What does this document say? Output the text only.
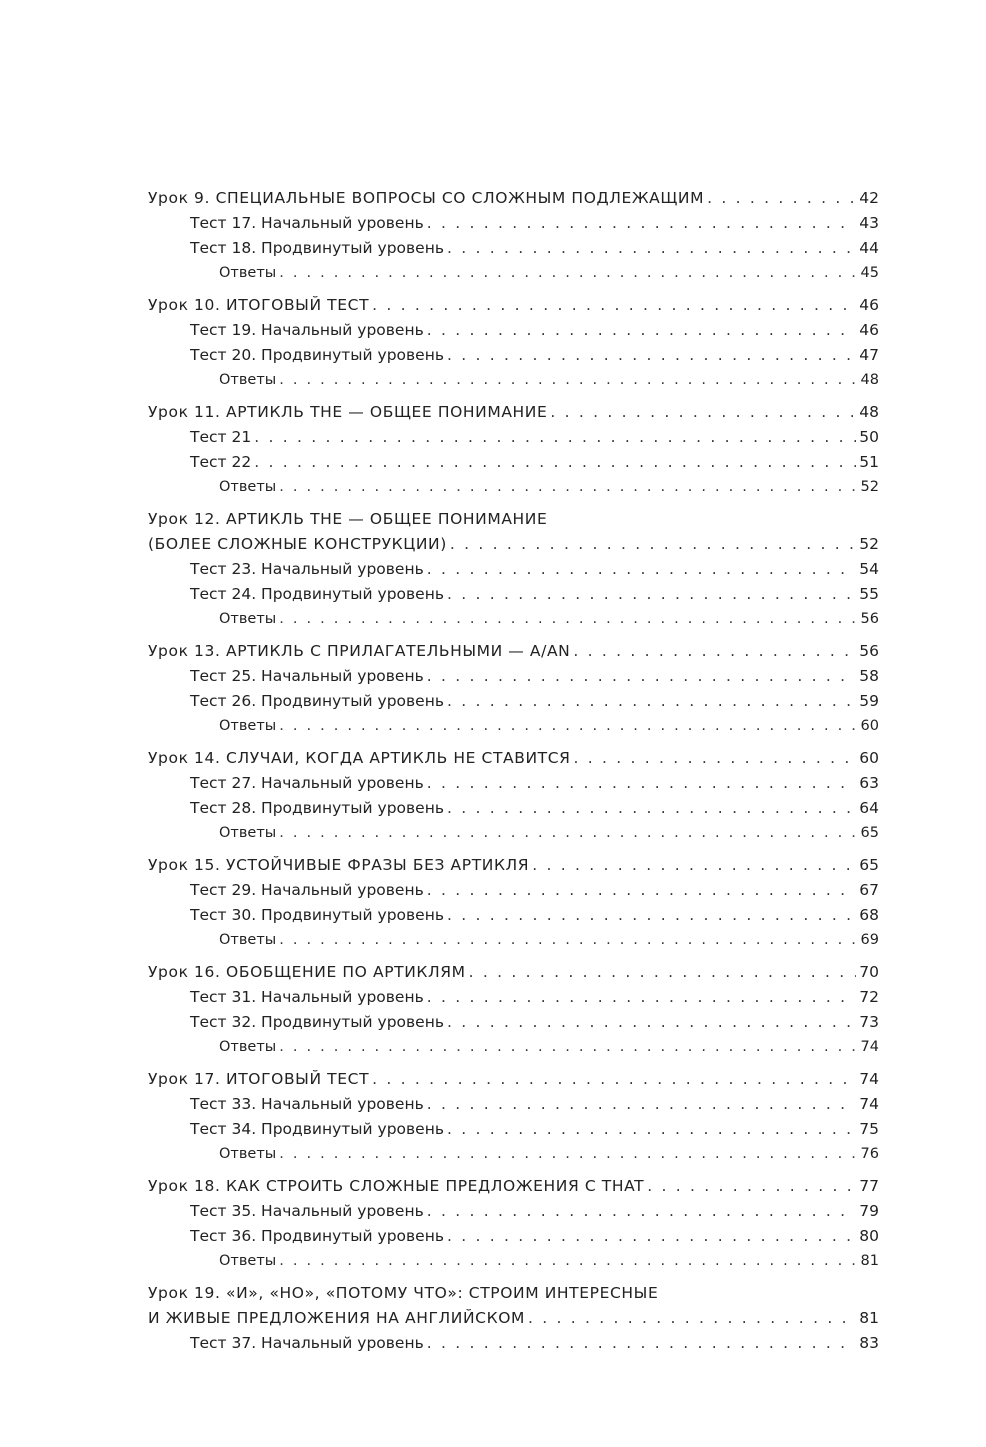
Урок 9. СПЕЦИАЛЬНЫЕ ВОПРОСЫ СО СЛОЖНЫМ ПОДЛЕЖАЩИМ . . .	42
Тест 17. Начальный уровень . . .	43
Тест 18. Продвинутый уровень . . .	44
Ответы . . .	45
Урок 10. ИТОГОВЫЙ ТЕСТ . . .	46
Тест 19. Начальный уровень . . .	46
Тест 20. Продвинутый уровень . . .	47
Ответы . . .	48
Урок 11. АРТИКЛЬ THE — ОБЩЕЕ ПОНИМАНИЕ . . .	48
Тест 21 . . .	50
Тест 22 . . .	51
Ответы . . .	52
Урок 12. АРТИКЛЬ THE — ОБЩЕЕ ПОНИМАНИЕ
(БОЛЕЕ СЛОЖНЫЕ КОНСТРУКЦИИ) . . .	52
Тест 23. Начальный уровень . . .	54
Тест 24. Продвинутый уровень . . .	55
Ответы . . .	56
Урок 13. АРТИКЛЬ С ПРИЛАГАТЕЛЬНЫМИ — A/AN . . .	56
Тест 25. Начальный уровень . . .	58
Тест 26. Продвинутый уровень . . .	59
Ответы . . .	60
Урок 14. СЛУЧАИ, КОГДА АРТИКЛЬ НЕ СТАВИТСЯ . . .	60
Тест 27. Начальный уровень . . .	63
Тест 28. Продвинутый уровень . . .	64
Ответы . . .	65
Урок 15. УСТОЙЧИВЫЕ ФРАЗЫ БЕЗ АРТИКЛЯ . . .	65
Тест 29. Начальный уровень . . .	67
Тест 30. Продвинутый уровень . . .	68
Ответы . . .	69
Урок 16. ОБОБЩЕНИЕ ПО АРТИКЛЯМ . . .	70
Тест 31. Начальный уровень . . .	72
Тест 32. Продвинутый уровень . . .	73
Ответы . . .	74
Урок 17. ИТОГОВЫЙ ТЕСТ . . .	74
Тест 33. Начальный уровень . . .	74
Тест 34. Продвинутый уровень . . .	75
Ответы . . .	76
Урок 18. КАК СТРОИТЬ СЛОЖНЫЕ ПРЕДЛОЖЕНИЯ С THAT . . .	77
Тест 35. Начальный уровень . . .	79
Тест 36. Продвинутый уровень . . .	80
Ответы . . .	81
Урок 19. «И», «НО», «ПОТОМУ ЧТО»: СТРОИМ ИНТЕРЕСНЫЕ
И ЖИВЫЕ ПРЕДЛОЖЕНИЯ НА АНГЛИЙСКОМ . . .	81
Тест 37. Начальный уровень . . .	83
